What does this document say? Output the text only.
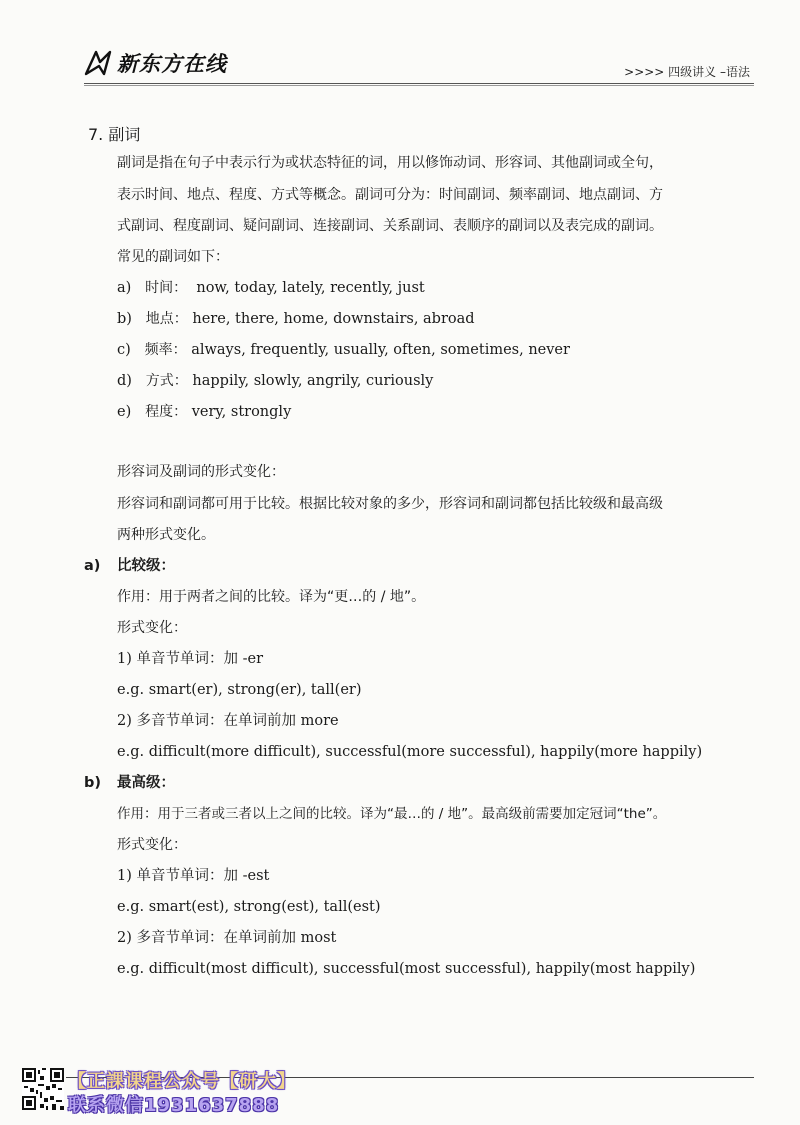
新东方在线	>>>> 四级讲义 –语法
7. 副词
副词是指在句子中表示行为或状态特征的词，用以修饰动词、形容词、其他副词或全句，
表示时间、地点、程度、方式等概念。副词可分为：时间副词、频率副词、地点副词、方
式副词、程度副词、疑问副词、连接副词、关系副词、表顺序的副词以及表完成的副词。
常见的副词如下：
a) 时间： now, today, lately, recently, just
b) 地点： here, there, home, downstairs, abroad
c) 频率： always, frequently, usually, often, sometimes, never
d) 方式： happily, slowly, angrily, curiously
e) 程度： very, strongly
形容词及副词的形式变化：
形容词和副词都可用于比较。根据比较对象的多少，形容词和副词都包括比较级和最高级
两种形式变化。
a) 比较级：
作用：用于两者之间的比较。译为“更…的 / 地”。
形式变化：
1) 单音节单词：加 -er
e.g. smart(er), strong(er), tall(er)
2) 多音节单词：在单词前加 more
e.g. difficult(more difficult), successful(more successful), happily(more happily)
b) 最高级：
作用：用于三者或三者以上之间的比较。译为“最…的 / 地”。最高级前需要加定冠词“the”。
形式变化：
1) 单音节单词：加 -est
e.g. smart(est), strong(est), tall(est)
2) 多音节单词：在单词前加 most
e.g. difficult(most difficult), successful(most successful), happily(most happily)
【正課课程公众号【研大】
联系微信1931637888
